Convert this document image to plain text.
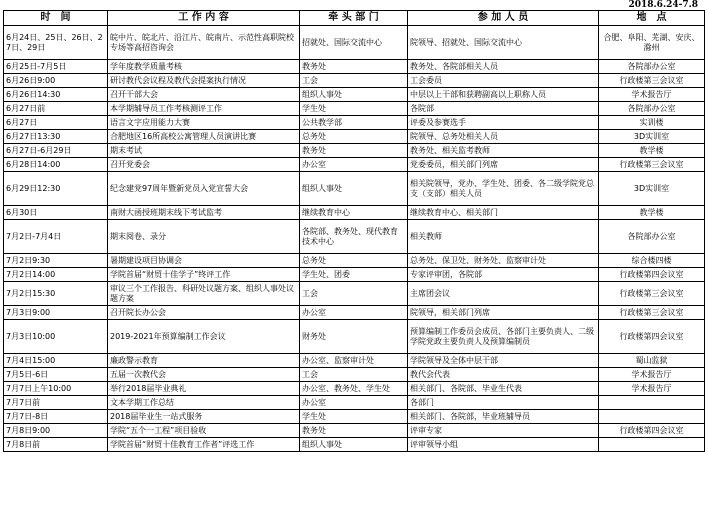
2018.6.24-7.8
时　间	工 作 内 容	牵 头 部 门	参 加 人 员	地　点
6月24日、25日、26日、27日、29日	皖中片、皖北片、沿江片、皖南片、示范性高职院校专场等高招咨询会	招就处、国际交流中心	院领导、招就处、国际交流中心	合肥、阜阳、芜湖、安庆、滁州
6月25日-7月5日	学年度教学质量考核	教务处	教务处、各院部相关人员	各院部办公室
6月26日9:00	研讨教代会议程及教代会提案执行情况	工会	工会委员	行政楼第三会议室
6月26日14:30	召开干部大会	组织人事处	中层以上干部和获聘副高以上职称人员	学术报告厅
6月27日前	本学期辅导员工作考核测评工作	学生处	各院部	各院部办公室
6月27日	语言文字应用能力大赛	公共教学部	评委及参赛选手	实训楼
6月27日13:30	合肥地区16所高校公寓管理人员演讲比赛	总务处	院领导、总务处相关人员	3D实训室
6月27日-6月29日	期末考试	教务处	教务处、相关监考教师	教学楼
6月28日14:00	召开党委会	办公室	党委委员，相关部门列席	行政楼第三会议室
6月29日12:30	纪念建党97周年暨新党员入党宣誓大会	组织人事处	相关院领导，党办、学生处、团委、各二级学院党总支（支部）相关人员	3D实训室
6月30日	南财大函授班期末线下考试监考	继续教育中心	继续教育中心、相关部门	教学楼
7月2日-7月4日	期末阅卷、录分	各院部、教务处、现代教育技术中心	相关教师	各院部办公室
7月2日9:30	暑期建设项目协调会	总务处	总务处、保卫处、财务处、监察审计处	综合楼四楼
7月2日14:00	学院首届“财贸十佳学子”终评工作	学生处、团委	专家评审团，各院部	行政楼第四会议室
7月2日15:30	审议三个工作报告、科研处议题方案、组织人事处议题方案	工会	主席团会议	行政楼第三会议室
7月3日9:00	召开院长办公会	办公室	院领导，相关部门列席	行政楼第三会议室
7月3日10:00	2019-2021年预算编制工作会议	财务处	预算编制工作委员会成员、各部门主要负责人、二级学院党政主要负责人及预算编制员	行政楼第四会议室
7月4日15:00	廉政警示教育	办公室、监察审计处	学院领导及全体中层干部	蜀山监狱
7月5日-6日	五届一次教代会	工会	教代会代表	学术报告厅
7月7日上午10:00	举行2018届毕业典礼	办公室、教务处、学生处	相关部门、各院部、毕业生代表	学术报告厅
7月7日前	文本学期工作总结	办公室	各部门	
7月7日-8日	2018届毕业生一站式服务	学生处	相关部门、各院部，毕业班辅导员	
7月8日9:00	学院“五个一工程”项目验收	教务处	评审专家	行政楼第四会议室
7月8日前	学院首届“财贸十佳教育工作者”评选工作	组织人事处	评审领导小组	
